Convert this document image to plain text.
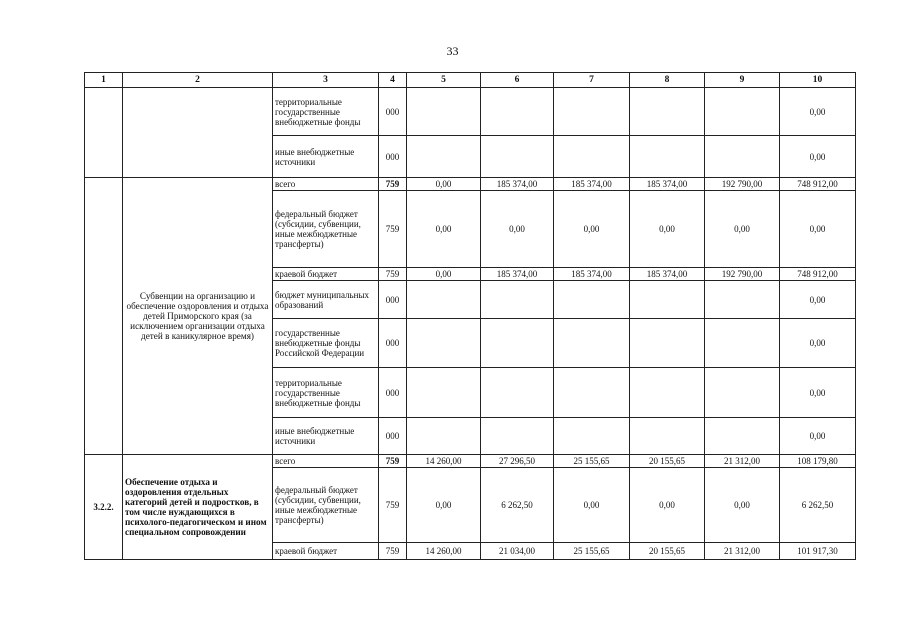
33
1	2	3	4	5	6	7	8	9	10
		территориальные государственные внебюджетные фонды	000						0,00
		иные внебюджетные источники	000						0,00
	Субвенции на организацию и обеспечение оздоровления и отдыха детей Приморского края (за исключением организации отдыха детей в каникулярное время)	всего	759	0,00	185 374,00	185 374,00	185 374,00	192 790,00	748 912,00
		федеральный бюджет (субсидии, субвенции, иные межбюджетные трансферты)	759	0,00	0,00	0,00	0,00	0,00	0,00
		краевой бюджет	759	0,00	185 374,00	185 374,00	185 374,00	192 790,00	748 912,00
		бюджет муниципальных образований	000						0,00
		государственные внебюджетные фонды Российской Федерации	000						0,00
		территориальные государственные внебюджетные фонды	000						0,00
		иные внебюджетные источники	000						0,00
3.2.2.	Обеспечение отдыха и оздоровления отдельных категорий детей и подростков, в том числе нуждающихся в психолого-педагогическом и ином специальном сопровождении	всего	759	14 260,00	27 296,50	25 155,65	20 155,65	21 312,00	108 179,80
		федеральный бюджет (субсидии, субвенции, иные межбюджетные трансферты)	759	0,00	6 262,50	0,00	0,00	0,00	6 262,50
		краевой бюджет	759	14 260,00	21 034,00	25 155,65	20 155,65	21 312,00	101 917,30
